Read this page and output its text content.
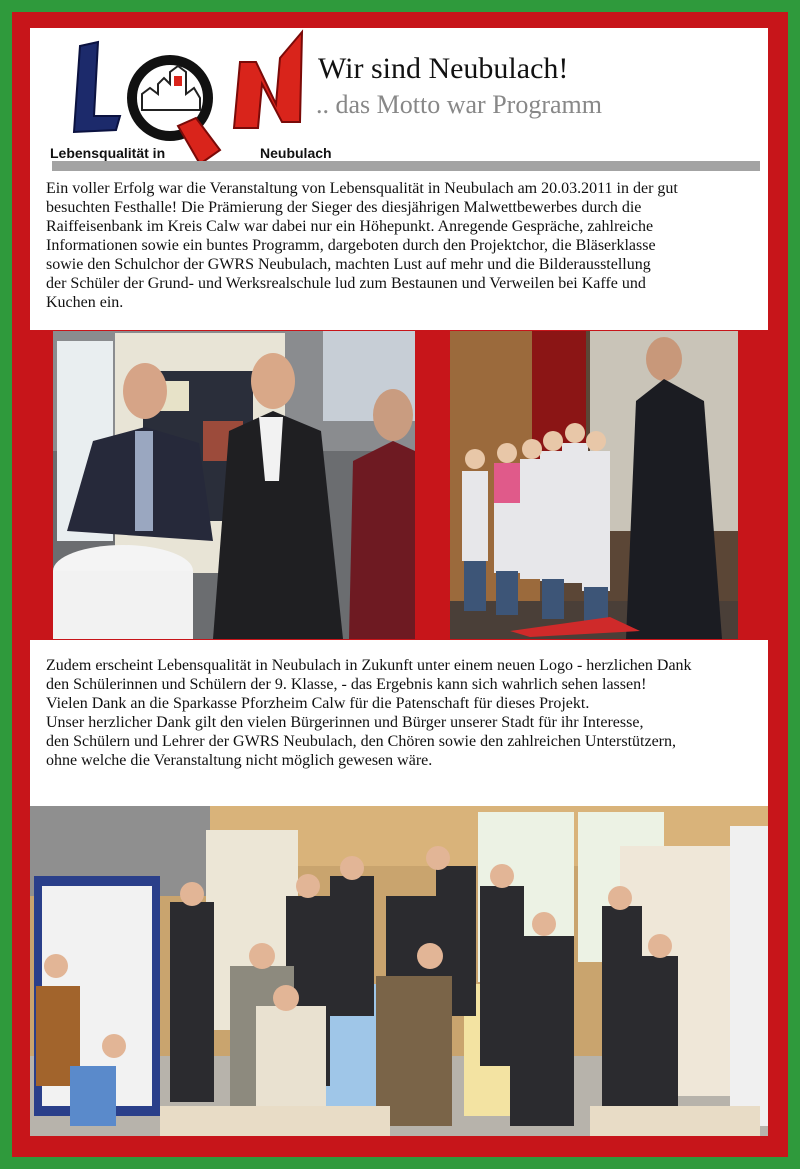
Lebensqualität in	Neubulach
Wir sind Neubulach!
.. das Motto war Programm
Ein voller Erfolg war die Veranstaltung von Lebensqualität in Neubulach am 20.03.2011 in der gut
besuchten Festhalle! Die Prämierung der Sieger des diesjährigen Malwettbewerbes durch die
Raiffeisenbank im Kreis Calw war dabei nur ein Höhepunkt. Anregende Gespräche, zahlreiche
Informationen sowie ein buntes Programm, dargeboten durch den Projektchor, die Bläserklasse
sowie den Schulchor der GWRS Neubulach, machten Lust auf mehr und die Bilderausstellung
der Schüler der Grund- und Werksrealschule lud zum Bestaunen und Verweilen bei Kaffe und
Kuchen ein.
Zudem erscheint Lebensqualität in Neubulach in Zukunft unter einem neuen Logo - herzlichen Dank
den Schülerinnen und Schülern der 9. Klasse, - das Ergebnis kann sich wahrlich sehen lassen!
Vielen Dank an die Sparkasse Pforzheim Calw für die Patenschaft für dieses Projekt.
Unser herzlicher Dank gilt den vielen Bürgerinnen und Bürger unserer Stadt für ihr Interesse,
den Schülern und Lehrer der GWRS Neubulach, den Chören sowie den zahlreichen Unterstützern,
ohne welche die Veranstaltung nicht möglich gewesen wäre.
